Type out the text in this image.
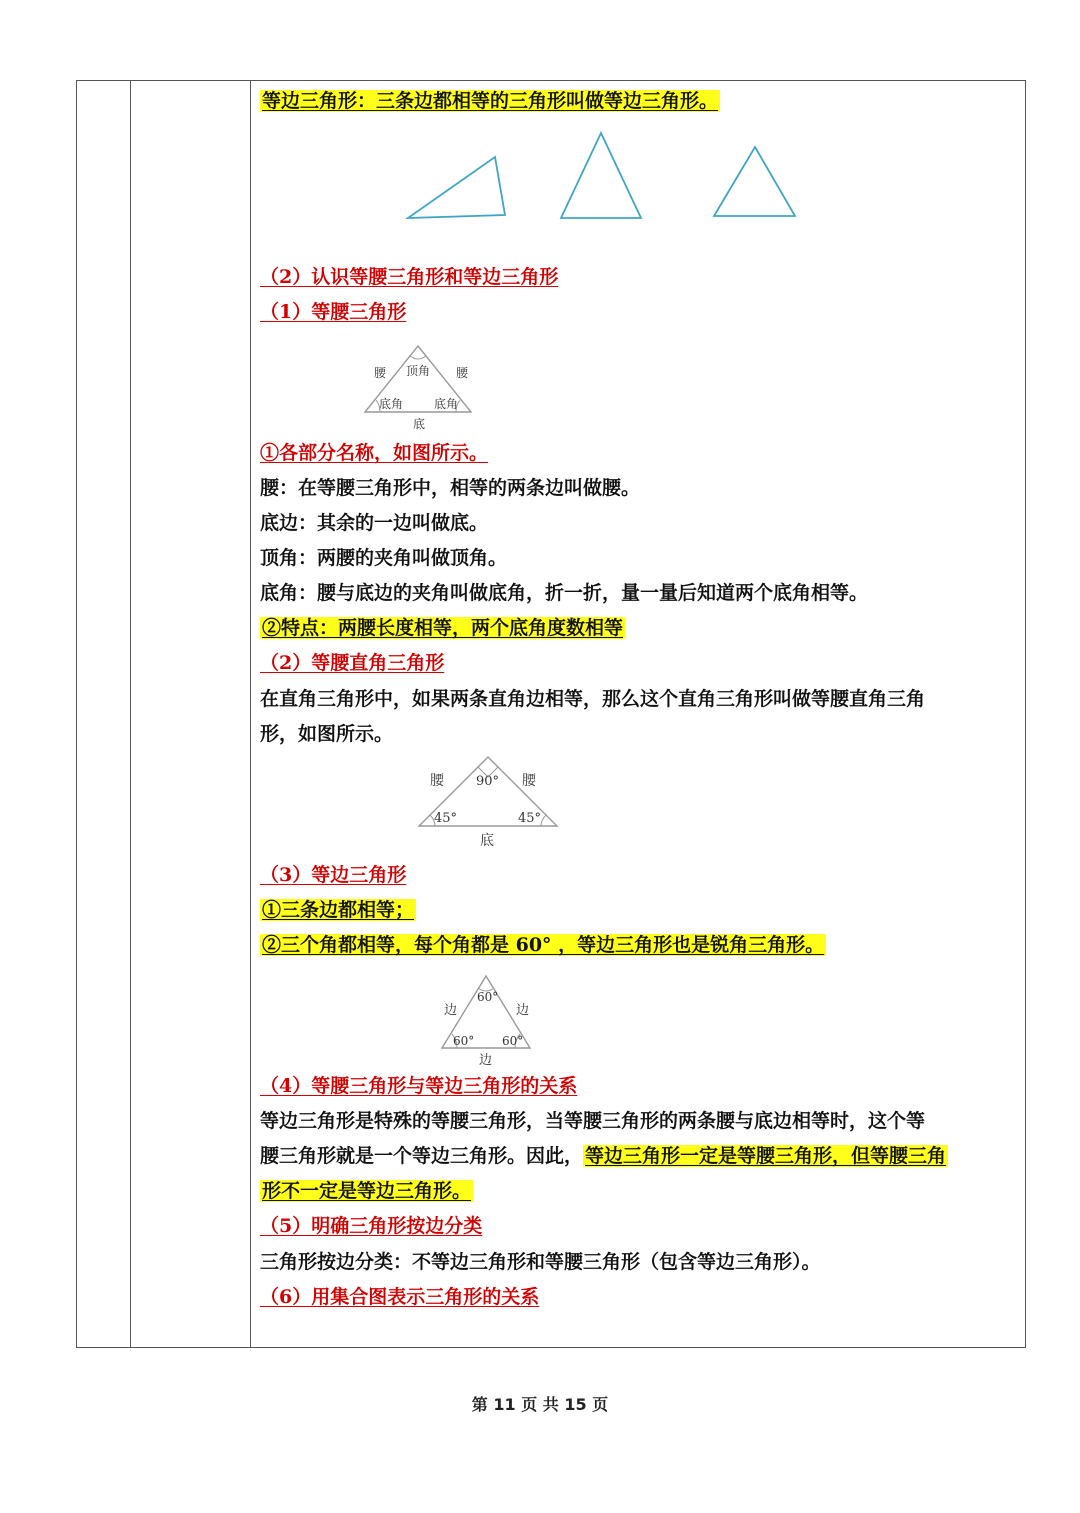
等边三角形：三条边都相等的三角形叫做等边三角形。
（2）认识等腰三角形和等边三角形
（1）等腰三角形
腰	腰
顶角
底角	底角
底
①各部分名称，如图所示。
腰：在等腰三角形中，相等的两条边叫做腰。
底边：其余的一边叫做底。
顶角：两腰的夹角叫做顶角。
底角：腰与底边的夹角叫做底角，折一折，量一量后知道两个底角相等。
②特点：两腰长度相等，两个底角度数相等
（2）等腰直角三角形
在直角三角形中，如果两条直角边相等，那么这个直角三角形叫做等腰直角三角
形，如图所示。
腰	腰
90°
45°	45°
底
（3）等边三角形
①三条边都相等；
②三个角都相等，每个角都是 60° ，等边三角形也是锐角三角形。
边	边
60°
60° 60°
边
（4）等腰三角形与等边三角形的关系
等边三角形是特殊的等腰三角形，当等腰三角形的两条腰与底边相等时，这个等
腰三角形就是一个等边三角形。因此， 等边三角形一定是等腰三角形，但等腰三角
形不一定是等边三角形。
（5）明确三角形按边分类
三角形按边分类：不等边三角形和等腰三角形（包含等边三角形）。
（6）用集合图表示三角形的关系
第 11 页 共 15 页
